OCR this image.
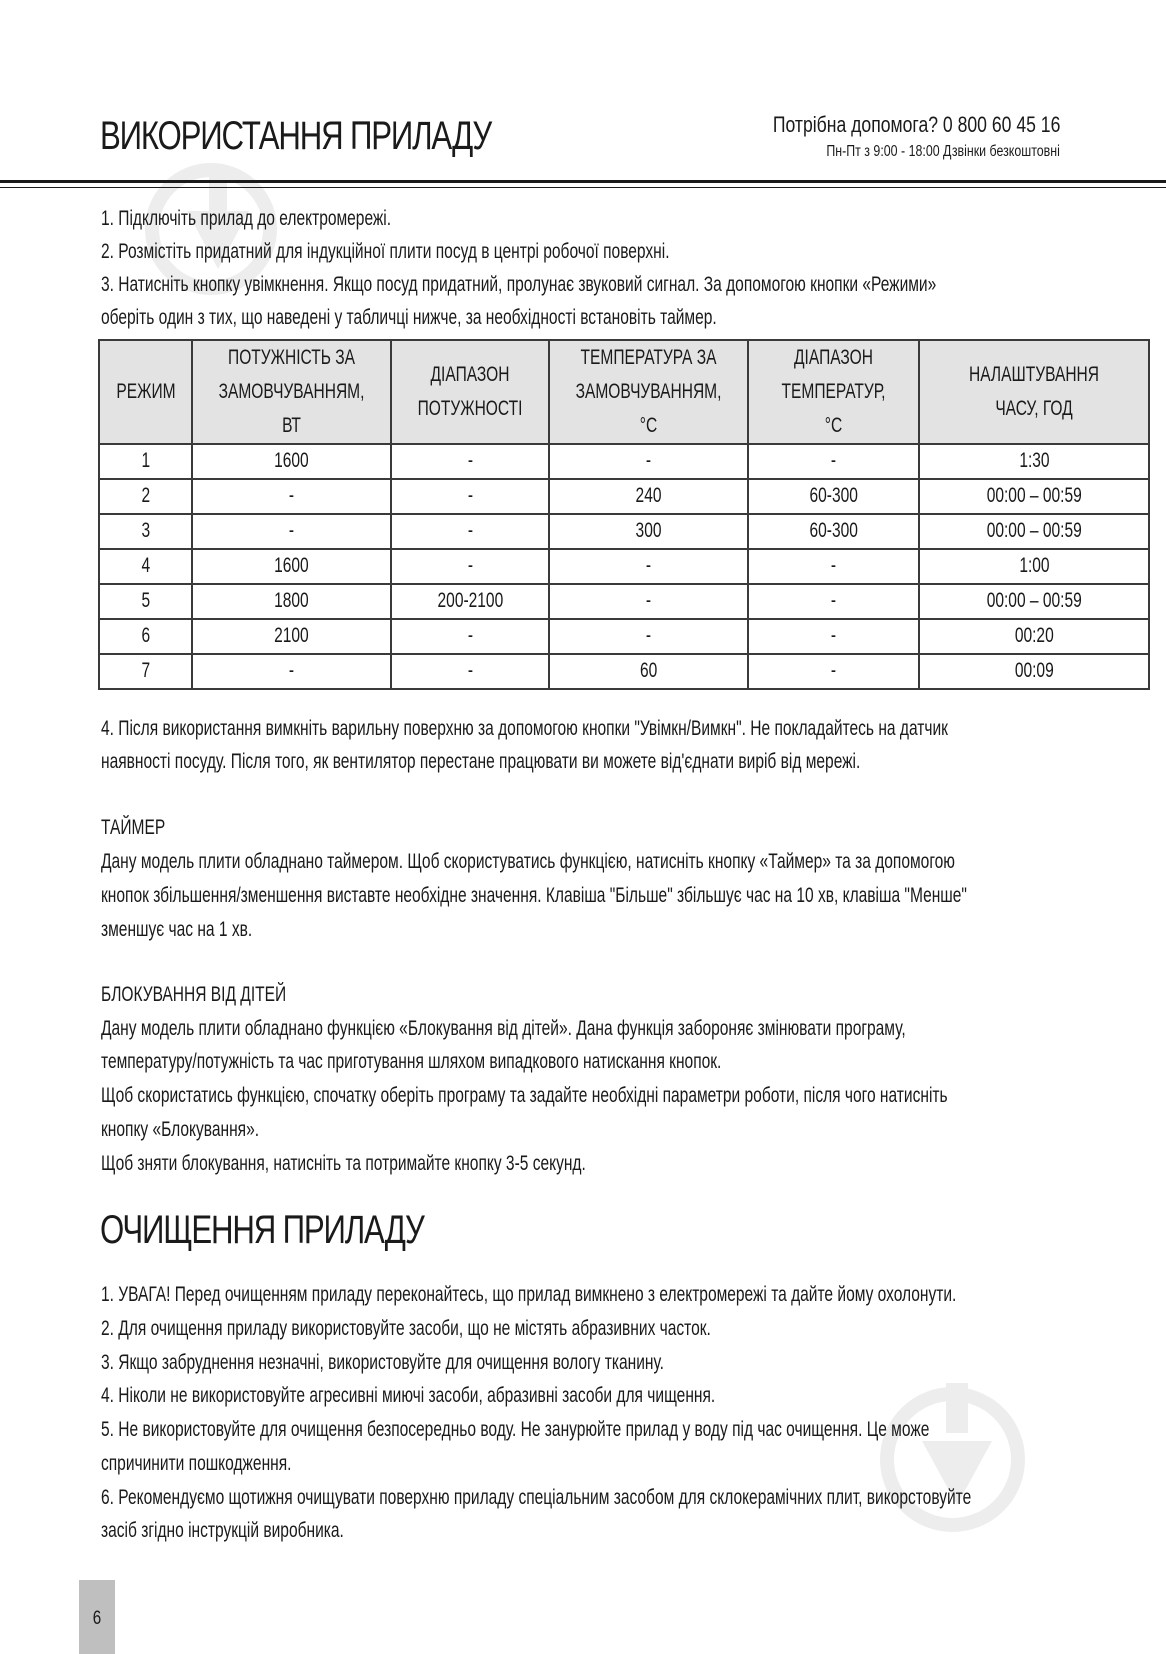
ВИКОРИСТАННЯ ПРИЛАДУ	Потрібна допомога? 0 800 60 45 16
Пн-Пт з 9:00 - 18:00 Дзвінки безкоштовні
1. Підключіть прилад до електромережі.
2. Розмістіть придатний для індукційної плити посуд в центрі робочої поверхні.
3. Натисніть кнопку увімкнення. Якщо посуд придатний, пролунає звуковий сигнал. За допомогою кнопки «Режими»
оберіть один з тих, що наведені у табличці нижче, за необхідності встановіть таймер.
РЕЖИМ	ПОТУЖНІСТЬ ЗА ЗАМОВЧУВАННЯМ, ВТ	ДІАПАЗОН ПОТУЖНОСТІ	ТЕМПЕРАТУРА ЗА ЗАМОВЧУВАННЯМ, °С	ДІАПАЗОН ТЕМПЕРАТУР, °С	НАЛАШТУВАННЯ ЧАСУ, ГОД
1	1600	-	-	-	1:30
2	-	-	240	60-300	00:00 – 00:59
3	-	-	300	60-300	00:00 – 00:59
4	1600	-	-	-	1:00
5	1800	200-2100	-	-	00:00 – 00:59
6	2100	-	-	-	00:20
7	-	-	60	-	00:09
4. Після використання вимкніть варильну поверхню за допомогою кнопки "Увімкн/Вимкн". Не покладайтесь на датчик
наявності посуду. Після того, як вентилятор перестане працювати ви можете від'єднати виріб від мережі.
ТАЙМЕР
Дану модель плити обладнано таймером. Щоб скористуватись функцією, натисніть кнопку «Таймер» та за допомогою
кнопок збільшення/зменшення виставте необхідне значення. Клавіша "Більше" збільшує час на 10 хв, клавіша "Менше"
зменшує час на 1 хв.
БЛОКУВАННЯ ВІД ДІТЕЙ
Дану модель плити обладнано функцією «Блокування від дітей». Дана функція забороняє змінювати програму,
температуру/потужність та час приготування шляхом випадкового натискання кнопок.
Щоб скористатись функцією, спочатку оберіть програму та задайте необхідні параметри роботи, після чого натисніть
кнопку «Блокування».
Щоб зняти блокування, натисніть та потримайте кнопку 3-5 секунд.
ОЧИЩЕННЯ ПРИЛАДУ
1. УВАГА! Перед очищенням приладу переконайтесь, що прилад вимкнено з електромережі та дайте йому охолонути.
2. Для очищення приладу використовуйте засоби, що не містять абразивних часток.
3. Якщо забруднення незначні, використовуйте для очищення вологу тканину.
4. Ніколи не використовуйте агресивні миючі засоби, абразивні засоби для чищення.
5. Не використовуйте для очищення безпосередньо воду. Не занурюйте прилад у воду під час очищення. Це може
спричинити пошкодження.
6. Рекомендуємо щотижня очищувати поверхню приладу спеціальним засобом для склокерамічних плит, викорстовуйте
засіб згідно інструкцій виробника.
6
